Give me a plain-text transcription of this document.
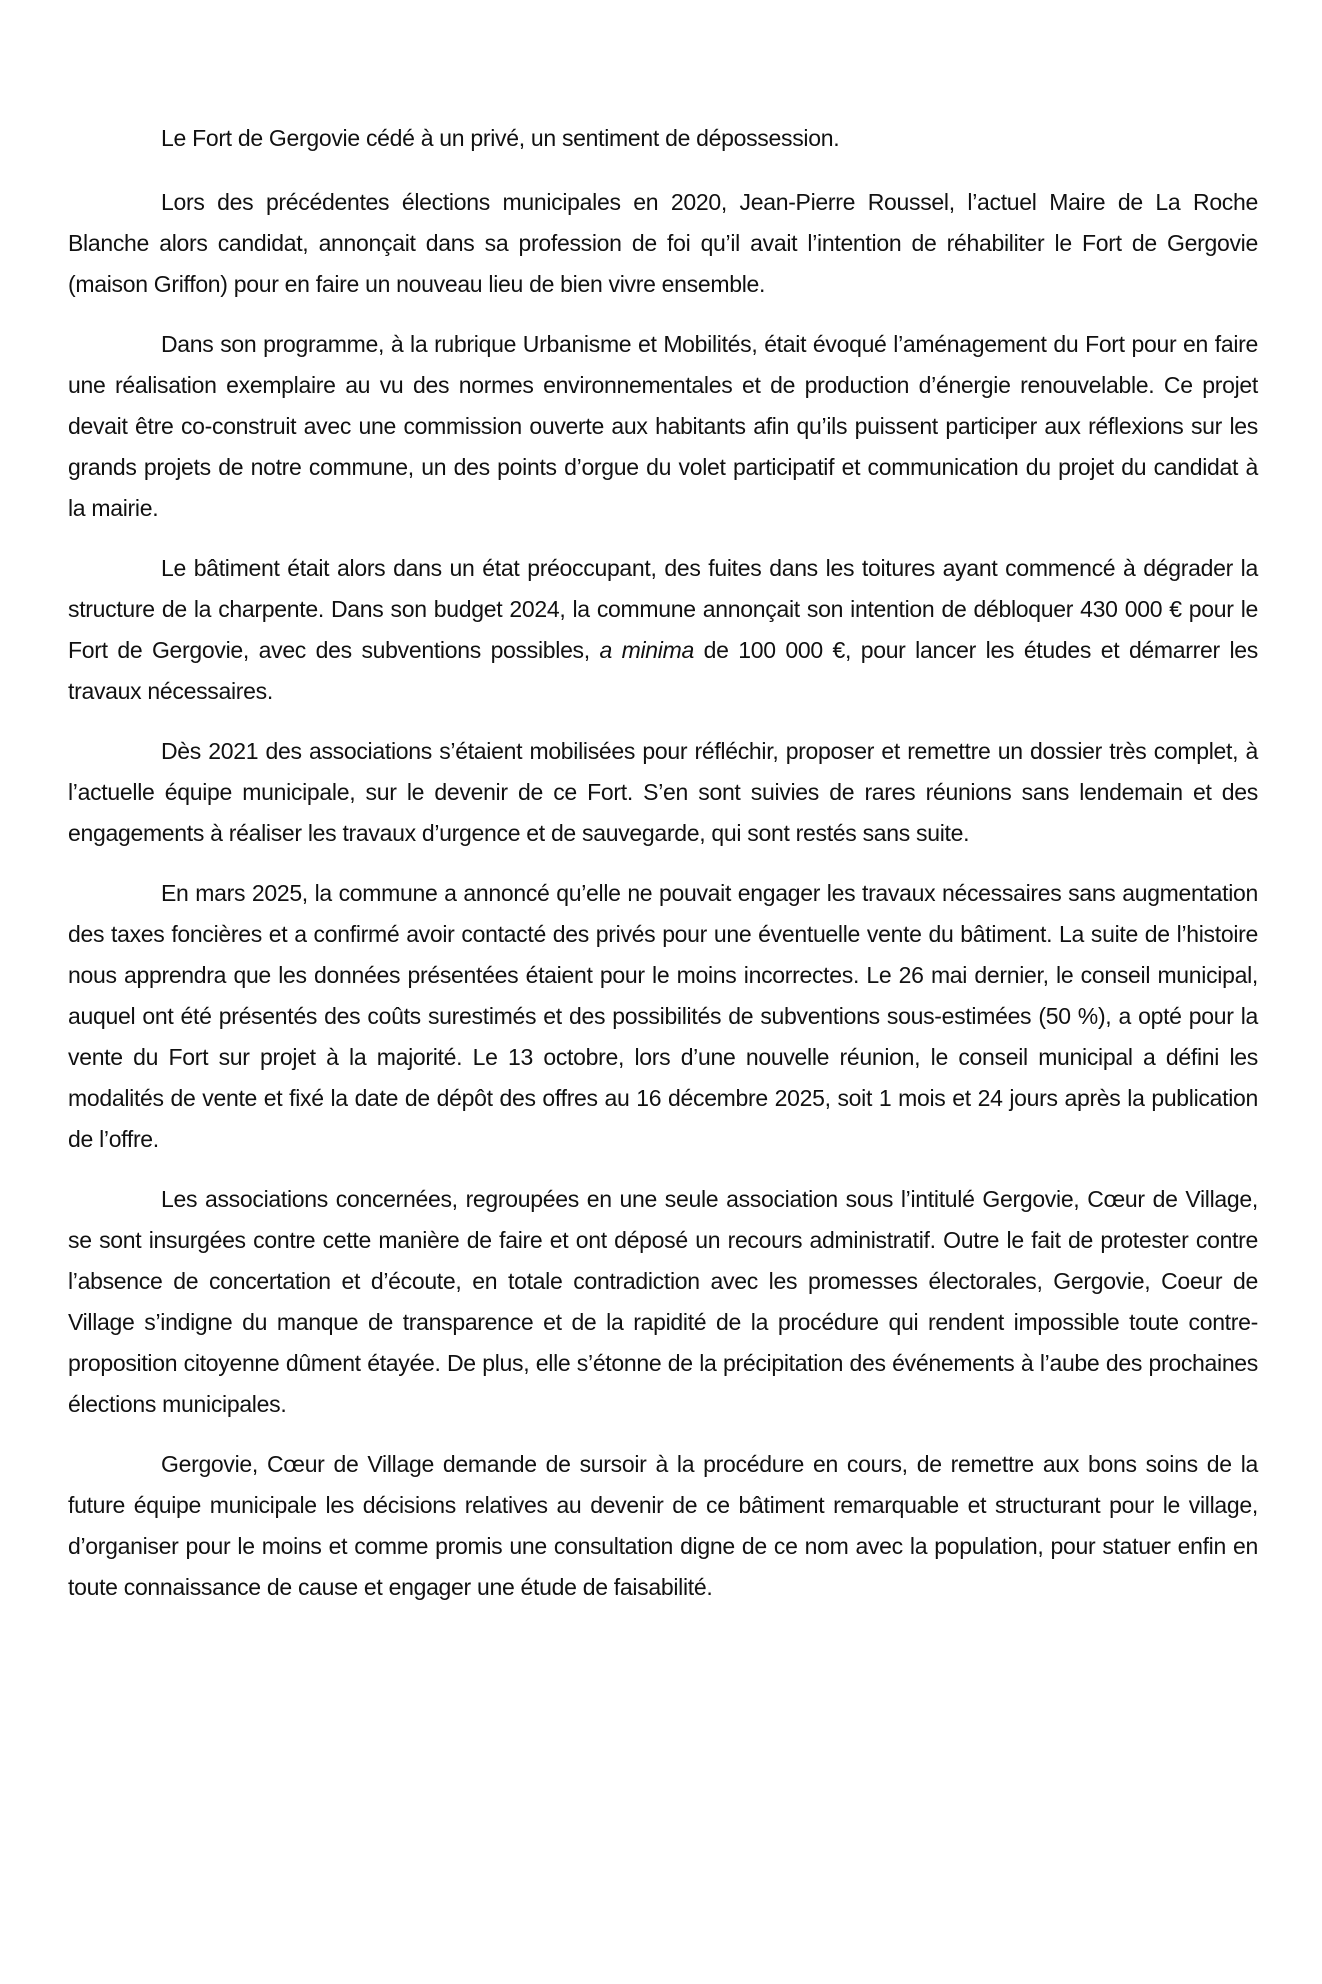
Le Fort de Gergovie cédé à un privé, un sentiment de dépossession.

Lors des précédentes élections municipales en 2020, Jean-Pierre Roussel, l’actuel Maire de La Roche Blanche alors candidat, annonçait dans sa profession de foi qu’il avait l’intention de réhabiliter le Fort de Gergovie (maison Griffon) pour en faire un nouveau lieu de bien vivre ensemble.

Dans son programme, à la rubrique Urbanisme et Mobilités, était évoqué l’aménagement du Fort pour en faire une réalisation exemplaire au vu des normes environnementales et de production d’énergie renouvelable. Ce projet devait être co-construit avec une commission ouverte aux habitants afin qu’ils puissent participer aux réflexions sur les grands projets de notre commune, un des points d’orgue du volet participatif et communication du projet du candidat à la mairie.

Le bâtiment était alors dans un état préoccupant, des fuites dans les toitures ayant commencé à dégrader la structure de la charpente. Dans son budget 2024, la commune annonçait son intention de débloquer 430 000 € pour le Fort de Gergovie, avec des subventions possibles, a minima de 100 000 €, pour lancer les études et démarrer les travaux nécessaires.

Dès 2021 des associations s’étaient mobilisées pour réfléchir, proposer et remettre un dossier très complet, à l’actuelle équipe municipale, sur le devenir de ce Fort. S’en sont suivies de rares réunions sans lendemain et des engagements à réaliser les travaux d’urgence et de sauvegarde, qui sont restés sans suite.

En mars 2025, la commune a annoncé qu’elle ne pouvait engager les travaux nécessaires sans augmentation des taxes foncières et a confirmé avoir contacté des privés pour une éventuelle vente du bâtiment. La suite de l’histoire nous apprendra que les données présentées étaient pour le moins incorrectes. Le 26 mai dernier, le conseil municipal, auquel ont été présentés des coûts surestimés et des possibilités de subventions sous-estimées (50 %), a opté pour la vente du Fort sur projet à la majorité. Le 13 octobre, lors d’une nouvelle réunion, le conseil municipal a défini les modalités de vente et fixé la date de dépôt des offres au 16 décembre 2025, soit 1 mois et 24 jours après la publication de l’offre.

Les associations concernées, regroupées en une seule association sous l’intitulé Gergovie, Cœur de Village, se sont insurgées contre cette manière de faire et ont déposé un recours administratif. Outre le fait de protester contre l’absence de concertation et d’écoute, en totale contradiction avec les promesses électorales, Gergovie, Coeur de Village s’indigne du manque de transparence et de la rapidité de la procédure qui rendent impossible toute contre-proposition citoyenne dûment étayée. De plus, elle s’étonne de la précipitation des événements à l’aube des prochaines élections municipales.

Gergovie, Cœur de Village demande de sursoir à la procédure en cours, de remettre aux bons soins de la future équipe municipale les décisions relatives au devenir de ce bâtiment remarquable et structurant pour le village, d’organiser pour le moins et comme promis une consultation digne de ce nom avec la population, pour statuer enfin en toute connaissance de cause et engager une étude de faisabilité.
